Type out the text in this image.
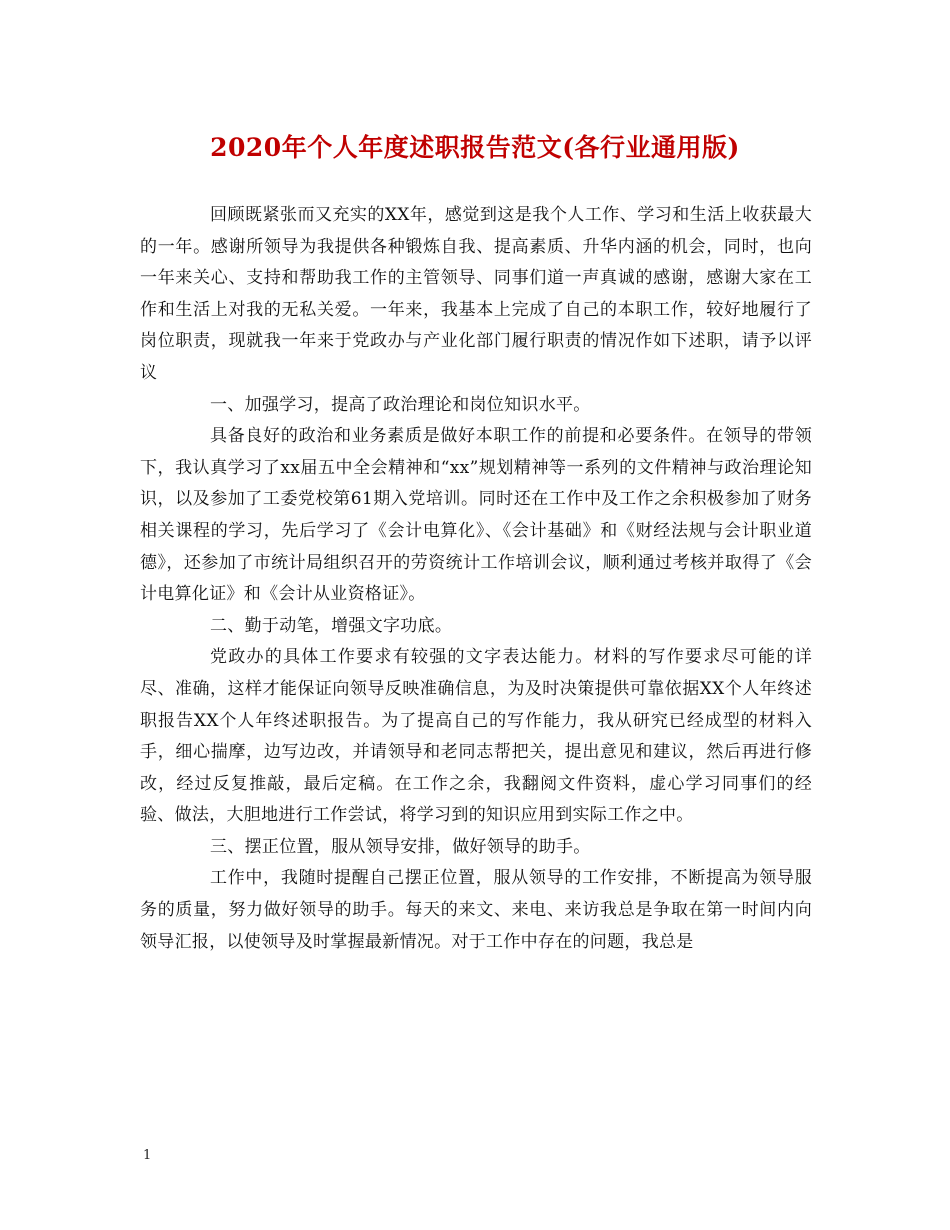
2020年个人年度述职报告范文(各行业通用版)

回顾既紧张而又充实的XX年，感觉到这是我个人工作、学习和生活上收获最大的一年。感谢所领导为我提供各种锻炼自我、提高素质、升华内涵的机会，同时，也向一年来关心、支持和帮助我工作的主管领导、同事们道一声真诚的感谢，感谢大家在工作和生活上对我的无私关爱。一年来，我基本上完成了自己的本职工作，较好地履行了岗位职责，现就我一年来于党政办与产业化部门履行职责的情况作如下述职，请予以评议

一、加强学习，提高了政治理论和岗位知识水平。

具备良好的政治和业务素质是做好本职工作的前提和必要条件。在领导的带领下，我认真学习了xx届五中全会精神和“xx”规划精神等一系列的文件精神与政治理论知识，以及参加了工委党校第61期入党培训。同时还在工作中及工作之余积极参加了财务相关课程的学习，先后学习了《会计电算化》、《会计基础》和《财经法规与会计职业道德》，还参加了市统计局组织召开的劳资统计工作培训会议，顺利通过考核并取得了《会计电算化证》和《会计从业资格证》。

二、勤于动笔，增强文字功底。

党政办的具体工作要求有较强的文字表达能力。材料的写作要求尽可能的详尽、准确，这样才能保证向领导反映准确信息，为及时决策提供可靠依据XX个人年终述职报告XX个人年终述职报告。为了提高自己的写作能力，我从研究已经成型的材料入手，细心揣摩，边写边改，并请领导和老同志帮把关，提出意见和建议，然后再进行修改，经过反复推敲，最后定稿。在工作之余，我翻阅文件资料，虚心学习同事们的经验、做法，大胆地进行工作尝试，将学习到的知识应用到实际工作之中。

三、摆正位置，服从领导安排，做好领导的助手。

工作中，我随时提醒自己摆正位置，服从领导的工作安排，不断提高为领导服务的质量，努力做好领导的助手。每天的来文、来电、来访我总是争取在第一时间内向领导汇报，以使领导及时掌握最新情况。对于工作中存在的问题，我总是

1
